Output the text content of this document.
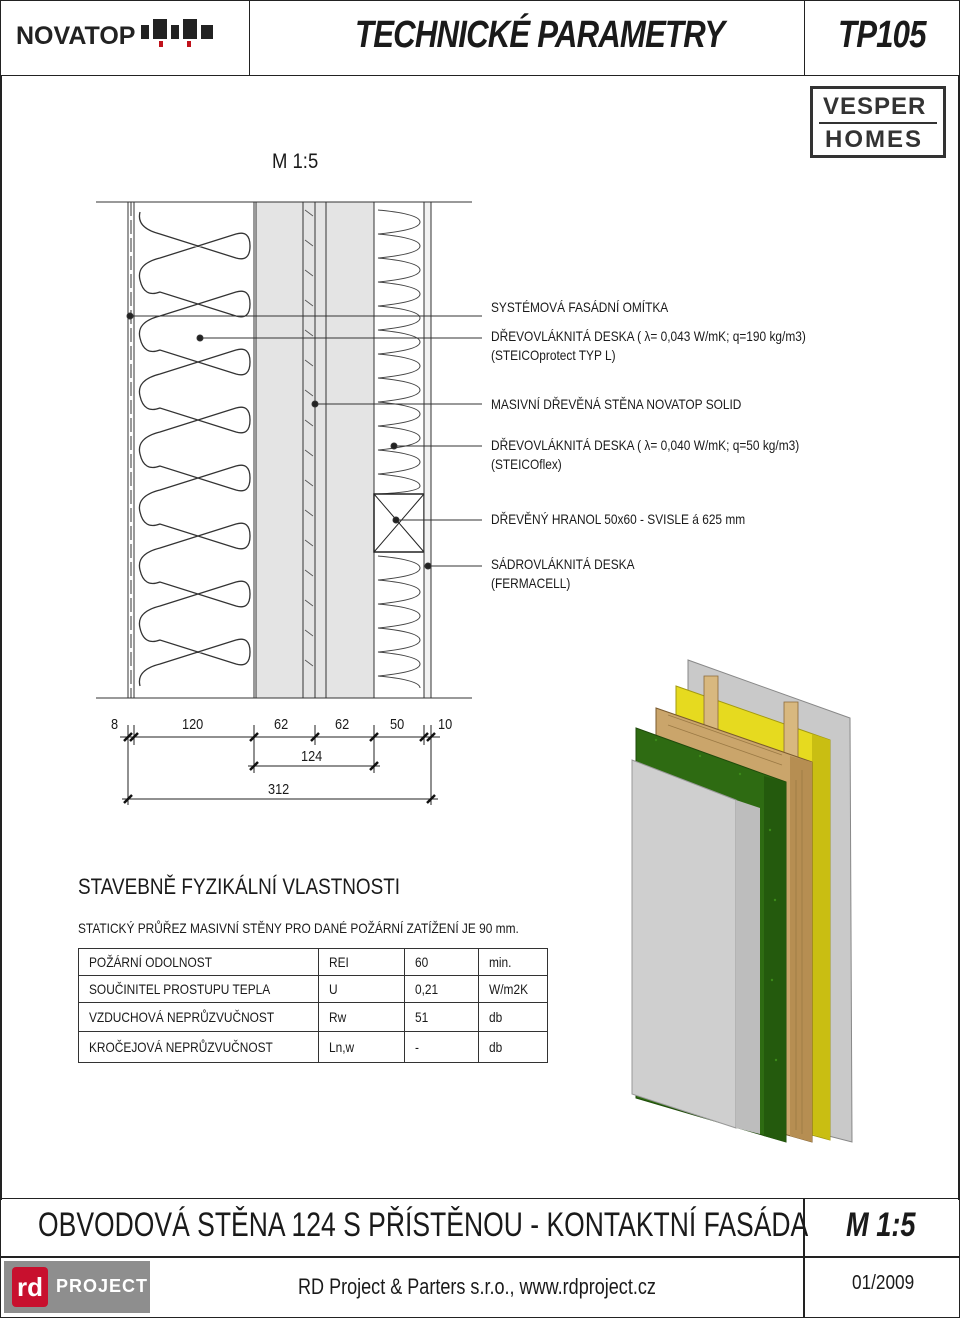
NOVATOP	TECHNICKÉ PARAMETRY	TP105
VESPER
HOMES
M 1:5
8	120	62	62	50 10
124
312
SYSTÉMOVÁ FASÁDNÍ OMÍTKA
DŘEVOVLÁKNITÁ DESKA ( λ= 0,043 W/mK; q=190 kg/m3)
(STEICOprotect TYP L)
MASIVNÍ DŘEVĚNÁ STĚNA NOVATOP SOLID
DŘEVOVLÁKNITÁ DESKA ( λ= 0,040 W/mK; q=50 kg/m3)
(STEICOflex)
DŘEVĚNÝ HRANOL 50x60 - SVISLE á 625 mm
SÁDROVLÁKNITÁ DESKA
(FERMACELL)
STAVEBNĚ FYZIKÁLNÍ VLASTNOSTI
STATICKÝ PRŮŘEZ MASIVNÍ STĚNY PRO DANÉ POŽÁRNÍ ZATÍŽENÍ JE 90 mm.
POŽÁRNÍ ODOLNOST	REI	60	min.
SOUČINITEL PROSTUPU TEPLA	U	0,21	W/m2K
VZDUCHOVÁ NEPRŮZVUČNOST	Rw	51	db
KROČEJOVÁ NEPRŮZVUČNOST	Ln,w	-	db
OBVODOVÁ STĚNA 124 S PŘÍSTĚNOU - KONTAKTNÍ FASÁDA M 1:5
rd PROJECT	RD Project & Parters s.r.o., www.rdproject.cz	01/2009
